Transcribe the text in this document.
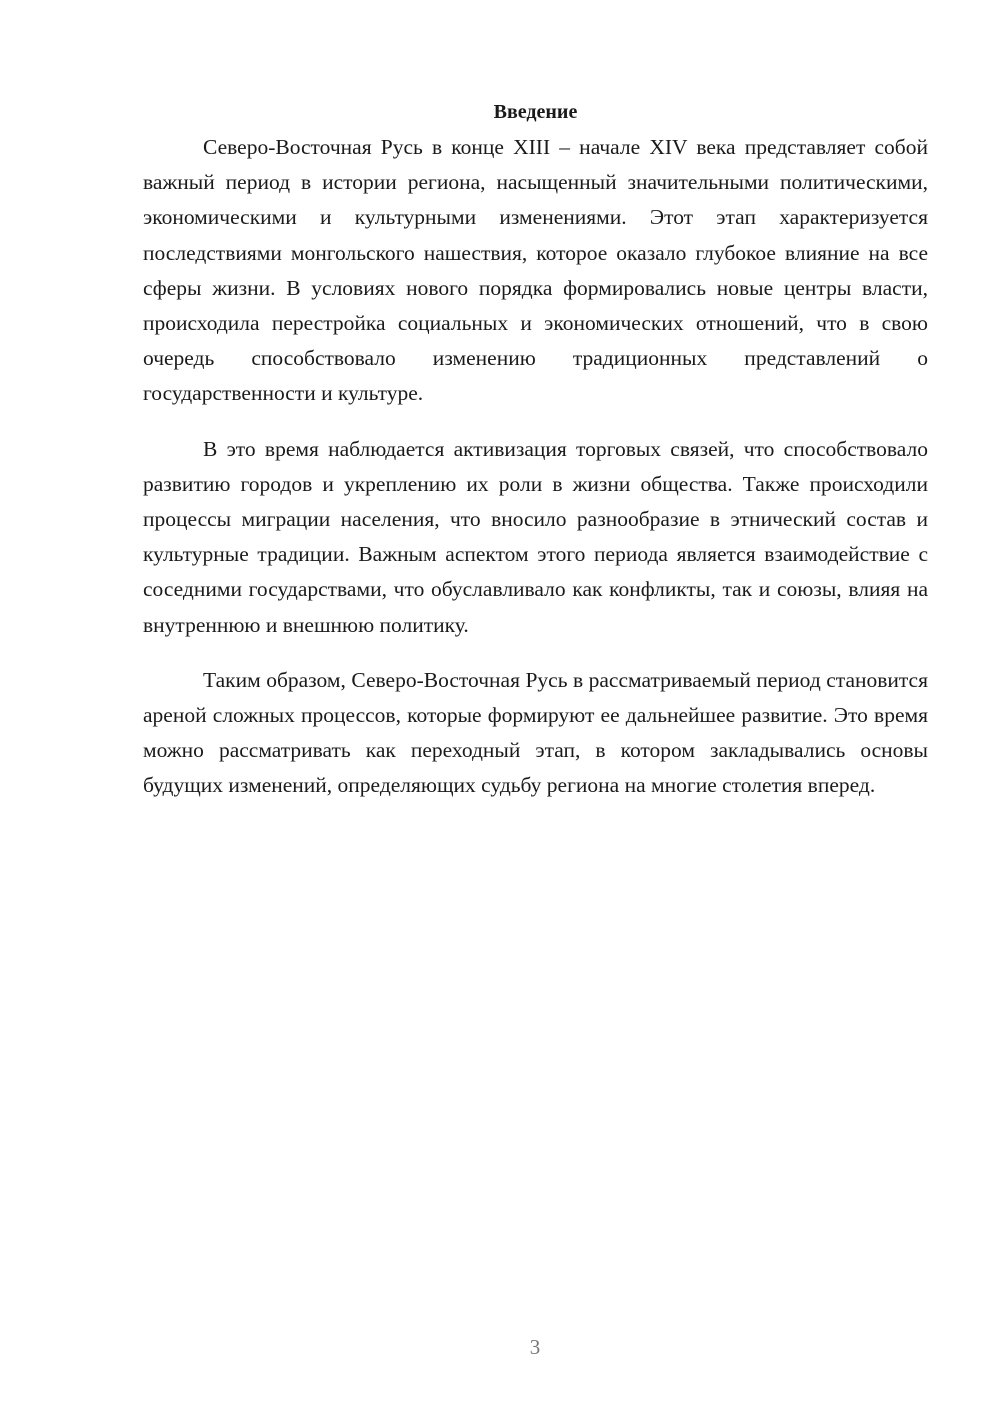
Введение

Северо-Восточная Русь в конце XIII – начале XIV века представляет собой важный период в истории региона, насыщенный значительными политическими, экономическими и культурными изменениями. Этот этап характеризуется последствиями монгольского нашествия, которое оказало глубокое влияние на все сферы жизни. В условиях нового порядка формировались новые центры власти, происходила перестройка социальных и экономических отношений, что в свою очередь способствовало изменению традиционных представлений о государственности и культуре.

В это время наблюдается активизация торговых связей, что способствовало развитию городов и укреплению их роли в жизни общества. Также происходили процессы миграции населения, что вносило разнообразие в этнический состав и культурные традиции. Важным аспектом этого периода является взаимодействие с соседними государствами, что обуславливало как конфликты, так и союзы, влияя на внутреннюю и внешнюю политику.

Таким образом, Северо-Восточная Русь в рассматриваемый период становится ареной сложных процессов, которые формируют ее дальнейшее развитие. Это время можно рассматривать как переходный этап, в котором закладывались основы будущих изменений, определяющих судьбу региона на многие столетия вперед.

3
